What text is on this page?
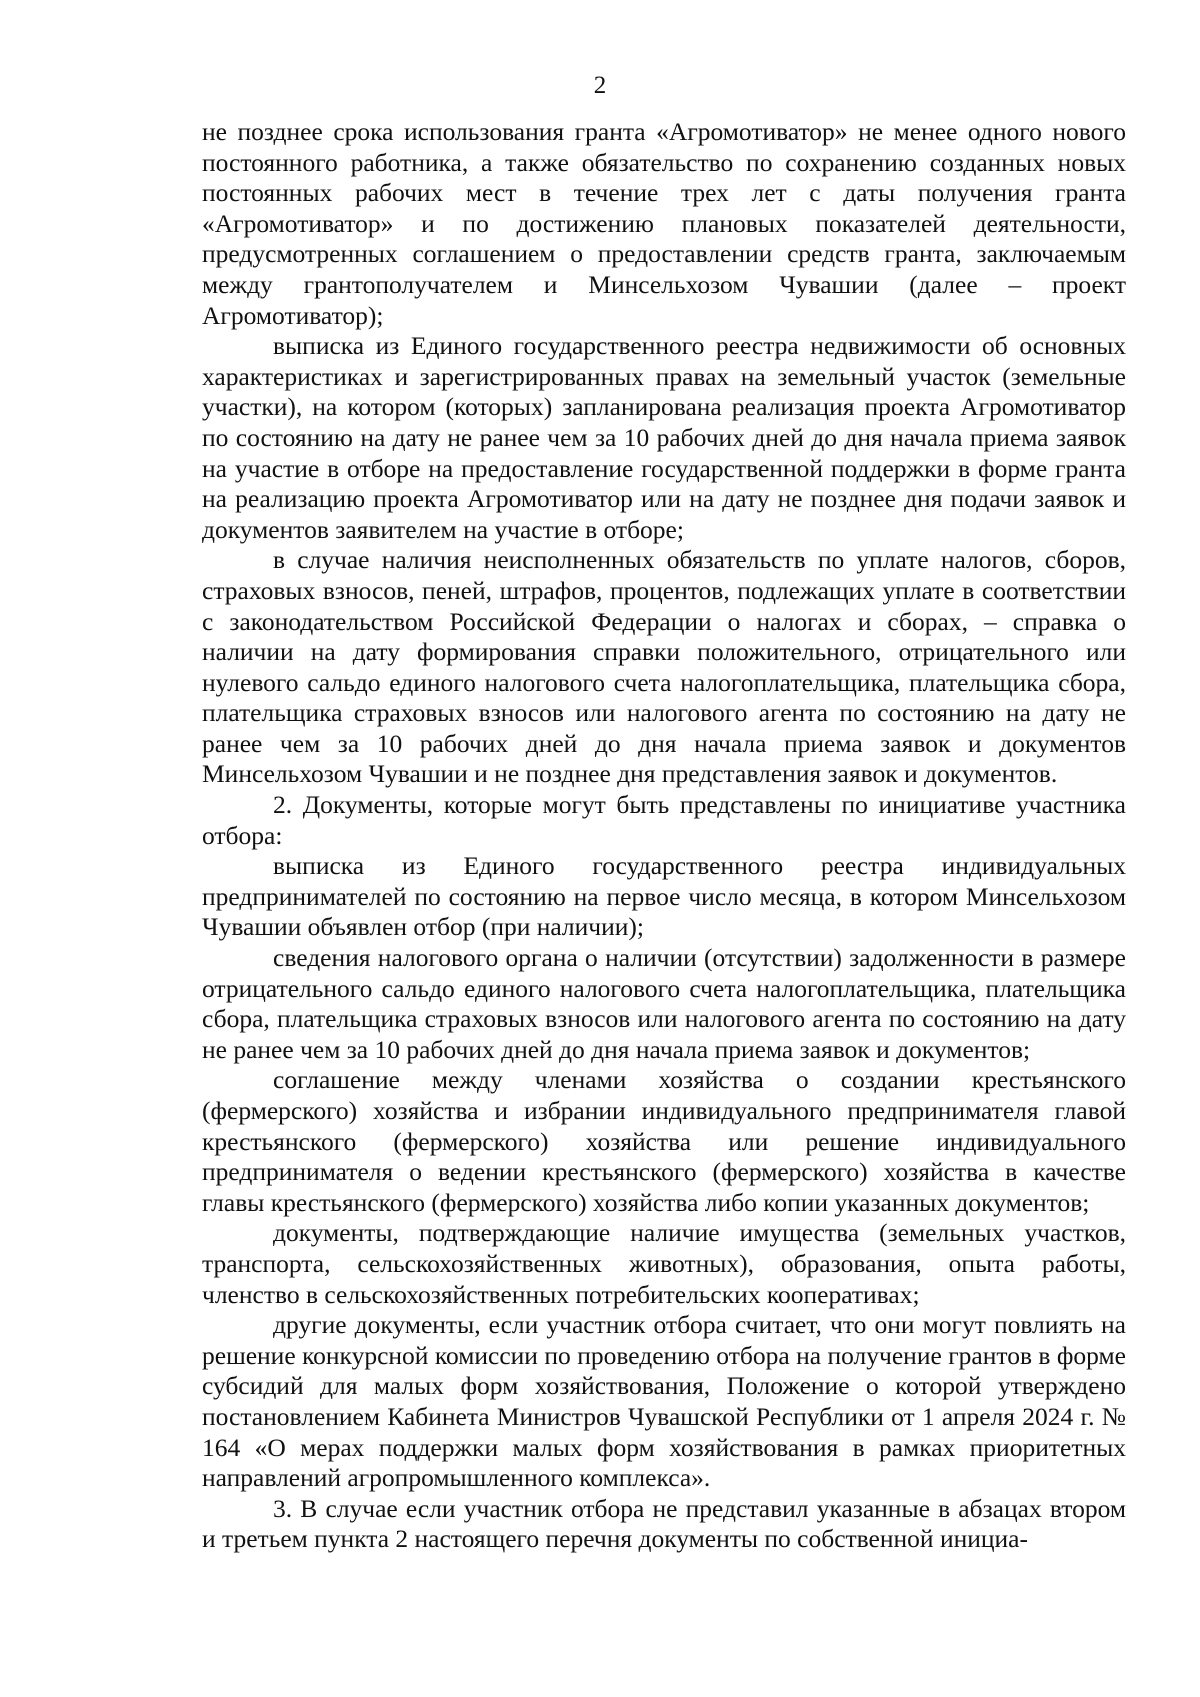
2

не позднее срока использования гранта «Агромотиватор» не менее одного нового постоянного работника, а также обязательство по сохранению созданных новых постоянных рабочих мест в течение трех лет с даты получения гранта «Агромотиватор» и по достижению плановых показателей деятельности, предусмотренных соглашением о предоставлении средств гранта, заключаемым между грантополучателем и Минсельхозом Чувашии (далее – проект Агромотиватор);

выписка из Единого государственного реестра недвижимости об основных характеристиках и зарегистрированных правах на земельный участок (земельные участки), на котором (которых) запланирована реализация проекта Агромотиватор по состоянию на дату не ранее чем за 10 рабочих дней до дня начала приема заявок на участие в отборе на предоставление государственной поддержки в форме гранта на реализацию проекта Агромотиватор или на дату не позднее дня подачи заявок и документов заявителем на участие в отборе;

в случае наличия неисполненных обязательств по уплате налогов, сборов, страховых взносов, пеней, штрафов, процентов, подлежащих уплате в соответствии с законодательством Российской Федерации о налогах и сборах, – справка о наличии на дату формирования справки положительного, отрицательного или нулевого сальдо единого налогового счета налогоплательщика, плательщика сбора, плательщика страховых взносов или налогового агента по состоянию на дату не ранее чем за 10 рабочих дней до дня начала приема заявок и документов Минсельхозом Чувашии и не позднее дня представления заявок и документов.

2. Документы, которые могут быть представлены по инициативе участника отбора:

выписка из Единого государственного реестра индивидуальных предпринимателей по состоянию на первое число месяца, в котором Минсельхозом Чувашии объявлен отбор (при наличии);

сведения налогового органа о наличии (отсутствии) задолженности в размере отрицательного сальдо единого налогового счета налогоплательщика, плательщика сбора, плательщика страховых взносов или налогового агента по состоянию на дату не ранее чем за 10 рабочих дней до дня начала приема заявок и документов;

соглашение между членами хозяйства о создании крестьянского (фермерского) хозяйства и избрании индивидуального предпринимателя главой крестьянского (фермерского) хозяйства или решение индивидуального предпринимателя о ведении крестьянского (фермерского) хозяйства в качестве главы крестьянского (фермерского) хозяйства либо копии указанных документов;

документы, подтверждающие наличие имущества (земельных участков, транспорта, сельскохозяйственных животных), образования, опыта работы, членство в сельскохозяйственных потребительских кооперативах;

другие документы, если участник отбора считает, что они могут повлиять на решение конкурсной комиссии по проведению отбора на получение грантов в форме субсидий для малых форм хозяйствования, Положение о которой утверждено постановлением Кабинета Министров Чувашской Республики от 1 апреля 2024 г. № 164 «О мерах поддержки малых форм хозяйствования в рамках приоритетных направлений агропромышленного комплекса».

3. В случае если участник отбора не представил указанные в абзацах втором и третьем пункта 2 настоящего перечня документы по собственной инициа-
